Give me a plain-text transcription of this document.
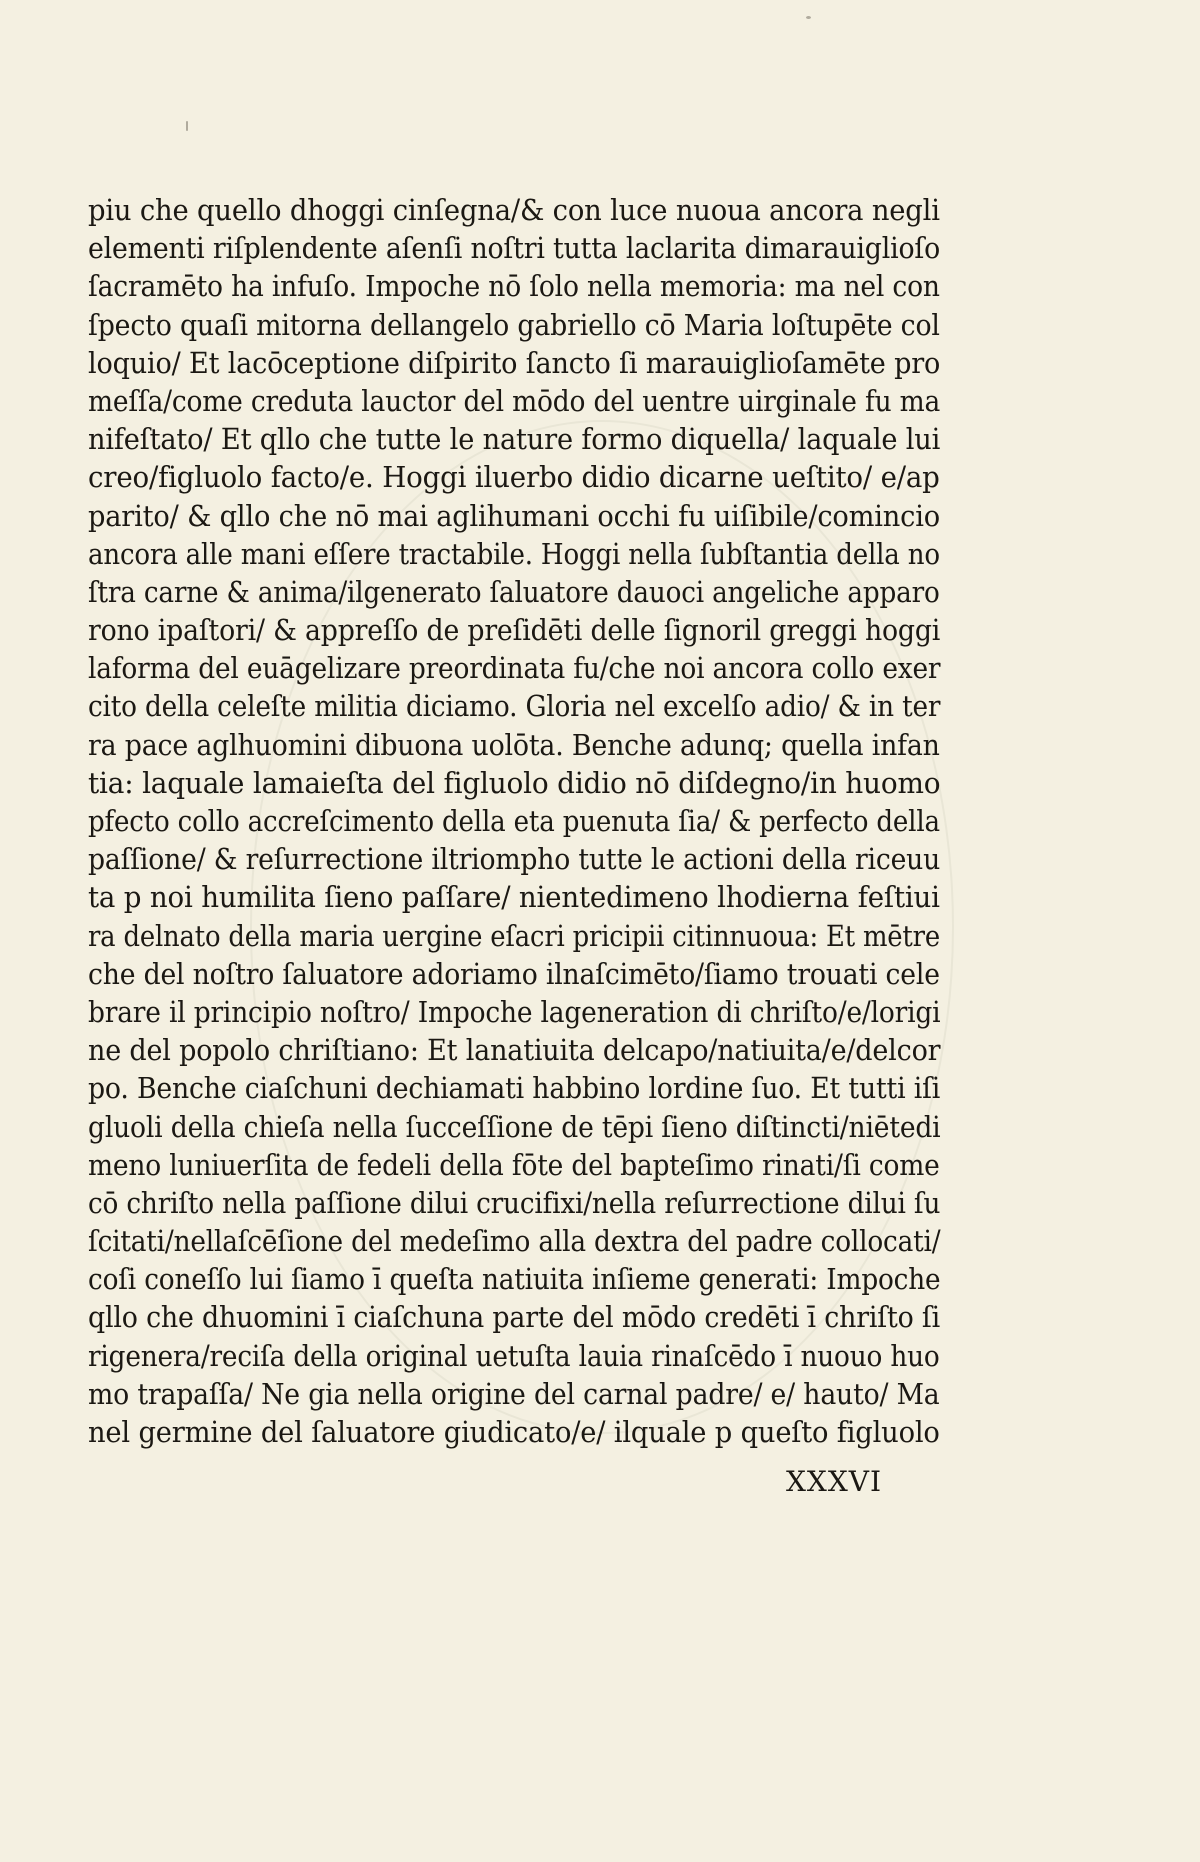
piu che quello dhoggi cinſegna/& con luce nuoua ancora negli
elementi riſplendente aſenſi noſtri tutta laclarita dimarauiglioſo
ſacramēto ha infuſo. Impoche nō ſolo nella memoria: ma nel con
ſpecto quaſi mitorna dellangelo gabriello cō Maria loſtupēte col
loquio/ Et lacōceptione diſpirito ſancto ſi marauiglioſamēte pro
meſſa/come creduta lauctor del mōdo del uentre uirginale fu ma
nifeſtato/ Et qllo che tutte le nature formo diquella/ laquale lui
creo/figluolo facto/e. Hoggi iluerbo didio dicarne ueſtito/ e/ap
parito/ & qllo che nō mai aglihumani occhi fu uiſibile/comincio
ancora alle mani eſſere tractabile. Hoggi nella ſubſtantia della no
ſtra carne & anima/ilgenerato ſaluatore dauoci angeliche apparo
rono ipaſtori/ & appreſſo de preſidēti delle ſignoril greggi hoggi
laforma del euāgelizare preordinata fu/che noi ancora collo exer
cito della celeſte militia diciamo. Gloria nel excelſo adio/ & in ter
ra pace aglhuomini dibuona uolōta. Benche adunq; quella infan
tia: laquale lamaieſta del figluolo didio nō diſdegno/in huomo
pfecto collo accreſcimento della eta puenuta ſia/ & perfecto della
paſſione/ & reſurrectione iltriompho tutte le actioni della riceuu
ta p noi humilita ſieno paſſare/ nientedimeno lhodierna feſtiui
ra delnato della maria uergine eſacri pricipii citinnuoua: Et mētre
che del noſtro ſaluatore adoriamo ilnaſcimēto/ſiamo trouati cele
brare il principio noſtro/ Impoche lageneration di chriſto/e/lorigi
ne del popolo chriſtiano: Et lanatiuita delcapo/natiuita/e/delcor
po. Benche ciaſchuni dechiamati habbino lordine ſuo. Et tutti iſi
gluoli della chieſa nella ſucceſſione de tēpi ſieno diſtincti/niētedi
meno luniuerſita de fedeli della fōte del bapteſimo rinati/ſi come
cō chriſto nella paſſione dilui crucifixi/nella reſurrectione dilui ſu
ſcitati/nellaſcēſione del medeſimo alla dextra del padre collocati/
coſi coneſſo lui ſiamo ī queſta natiuita inſieme generati: Impoche
qllo che dhuomini ī ciaſchuna parte del mōdo credēti ī chriſto ſi
rigenera/reciſa della original uetuſta lauia rinaſcēdo ī nuouo huo
mo trapaſſa/ Ne gia nella origine del carnal padre/ e/ hauto/ Ma
nel germine del ſaluatore giudicato/e/ ilquale p queſto figluolo
XXXVI
